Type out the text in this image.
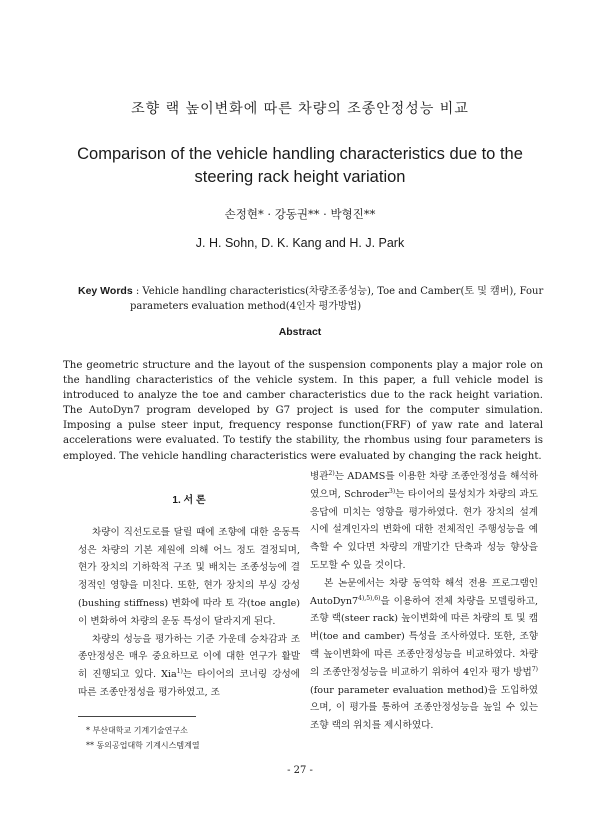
조향 랙 높이변화에 따른 차량의 조종안정성능 비교
Comparison of the vehicle handling characteristics due to the
steering rack height variation
손정현* · 강동권** · 박형진**
J. H. Sohn, D. K. Kang and H. J. Park
Key Words : Vehicle handling characteristics(차량조종성능), Toe and Camber(토 및 캠버), Four
parameters evaluation method(4인자 평가방법)
Abstract
The geometric structure and the layout of the suspension components play a major role on the handling characteristics of the vehicle system. In this paper, a full vehicle model is introduced to analyze the toe and camber characteristics due to the rack height variation. The AutoDyn7 program developed by G7 project is used for the computer simulation. Imposing a pulse steer input, frequency response function(FRF) of yaw rate and lateral accelerations were evaluated. To testify the stability, the rhombus using four parameters is employed. The vehicle handling characteristics were evaluated by changing the rack height.
1. 서 론

차량이 직선도로를 달릴 때에 조향에 대한 응동특성은 차량의 기본 제원에 의해 어느 정도 결정되며, 현가 장치의 기하학적 구조 및 배치는 조종성능에 결정적인 영향을 미친다. 또한, 현가 장치의 부싱 강성(bushing stiffness) 변화에 따라 토 각(toe angle)이 변화하여 차량의 운동 특성이 달라지게 된다.

차량의 성능을 평가하는 기준 가운데 승차감과 조종안정성은 매우 중요하므로 이에 대한 연구가 활발히 진행되고 있다. Xia$^{1)}$는 타이어의 코너링 강성에 따른 조종안정성을 평가하였고, 조

* 부산대학교 기계기술연구소
** 동의공업대학 기계시스템계열

병관$^{2)}$는 ADAMS를 이용한 차량 조종안정성을 해석하였으며, Schroder$^{3)}$는 타이어의 물성치가 차량의 과도 응답에 미치는 영향을 평가하였다. 현가 장치의 설계 시에 설계인자의 변화에 대한 전체적인 주행성능을 예측할 수 있다면 차량의 개발기간 단축과 성능 향상을 도모할 수 있을 것이다.

본 논문에서는 차량 동역학 해석 전용 프로그램인 $AutoDyn7^{4),5),6)}$을 이용하여 전체 차량을 모델링하고, 조향 랙(steer rack) 높이변화에 따른 차량의 토 및 캠버(toe and camber) 특성을 조사하였다. 또한, 조향랙 높이변화에 따른 조종안정성능을 비교하였다. 차량의 조종안정성능을 비교하기 위하여 4인자 평가 방법$^{7)}$(four parameter evaluation method)을 도입하였으며, 이 평가를 통하여 조종안정성능을 높일 수 있는 조향 랙의 위치를 제시하였다.

- 27 -
